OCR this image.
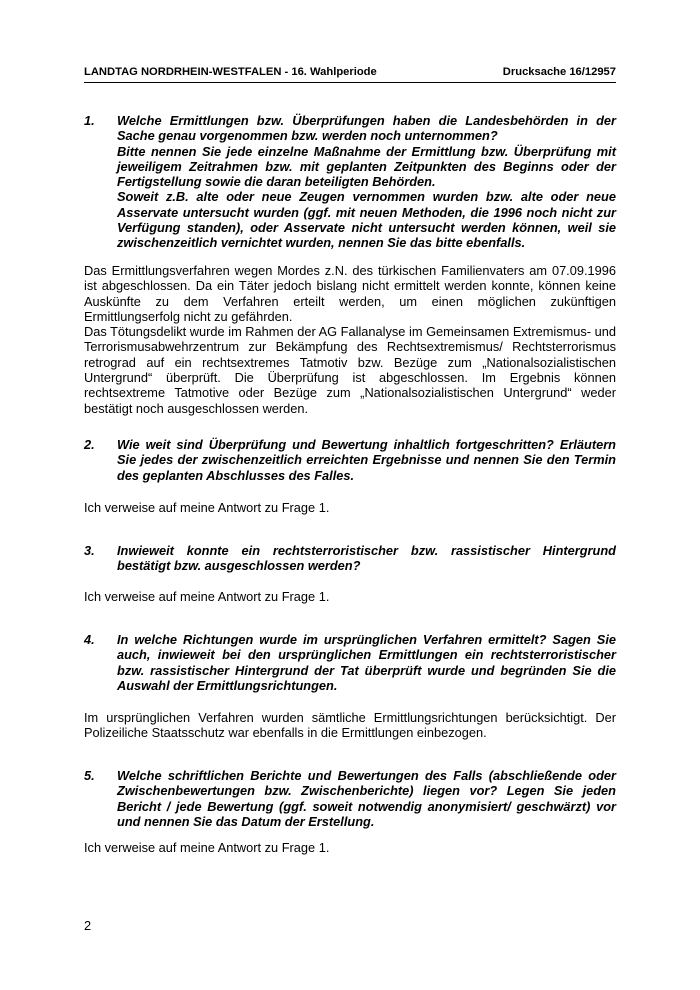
LANDTAG NORDRHEIN-WESTFALEN - 16. Wahlperiode	Drucksache 16/12957
1. Welche Ermittlungen bzw. Überprüfungen haben die Landesbehörden in der Sache genau vorgenommen bzw. werden noch unternommen?

Bitte nennen Sie jede einzelne Maßnahme der Ermittlung bzw. Überprüfung mit jeweiligem Zeitrahmen bzw. mit geplanten Zeitpunkten des Beginns oder der Fertigstellung sowie die daran beteiligten Behörden.

Soweit z.B. alte oder neue Zeugen vernommen wurden bzw. alte oder neue Asservate untersucht wurden (ggf. mit neuen Methoden, die 1996 noch nicht zur Verfügung standen), oder Asservate nicht untersucht werden können, weil sie zwischenzeitlich vernichtet wurden, nennen Sie das bitte ebenfalls.

Das Ermittlungsverfahren wegen Mordes z.N. des türkischen Familienvaters am 07.09.1996 ist abgeschlossen. Da ein Täter jedoch bislang nicht ermittelt werden konnte, können keine Auskünfte zu dem Verfahren erteilt werden, um einen möglichen zukünftigen Ermittlungserfolg nicht zu gefährden.

Das Tötungsdelikt wurde im Rahmen der AG Fallanalyse im Gemeinsamen Extremismus- und Terrorismusabwehrzentrum zur Bekämpfung des Rechtsextremismus/ Rechtsterrorismus retrograd auf ein rechtsextremes Tatmotiv bzw. Bezüge zum „Nationalsozialistischen Untergrund“ überprüft. Die Überprüfung ist abgeschlossen. Im Ergebnis können rechtsextreme Tatmotive oder Bezüge zum „Nationalsozialistischen Untergrund“ weder bestätigt noch ausgeschlossen werden.

2. Wie weit sind Überprüfung und Bewertung inhaltlich fortgeschritten? Erläutern Sie jedes der zwischenzeitlich erreichten Ergebnisse und nennen Sie den Termin des geplanten Abschlusses des Falles.

Ich verweise auf meine Antwort zu Frage 1.

3. Inwieweit konnte ein rechtsterroristischer bzw. rassistischer Hintergrund bestätigt bzw. ausgeschlossen werden?

Ich verweise auf meine Antwort zu Frage 1.

4. In welche Richtungen wurde im ursprünglichen Verfahren ermittelt? Sagen Sie auch, inwieweit bei den ursprünglichen Ermittlungen ein rechtsterroristischer bzw. rassistischer Hintergrund der Tat überprüft wurde und begründen Sie die Auswahl der Ermittlungsrichtungen.

Im ursprünglichen Verfahren wurden sämtliche Ermittlungsrichtungen berücksichtigt. Der Polizeiliche Staatsschutz war ebenfalls in die Ermittlungen einbezogen.

5. Welche schriftlichen Berichte und Bewertungen des Falls (abschließende oder Zwischenbewertungen bzw. Zwischenberichte) liegen vor? Legen Sie jeden Bericht / jede Bewertung (ggf. soweit notwendig anonymisiert/ geschwärzt) vor und nennen Sie das Datum der Erstellung.

Ich verweise auf meine Antwort zu Frage 1.

2
